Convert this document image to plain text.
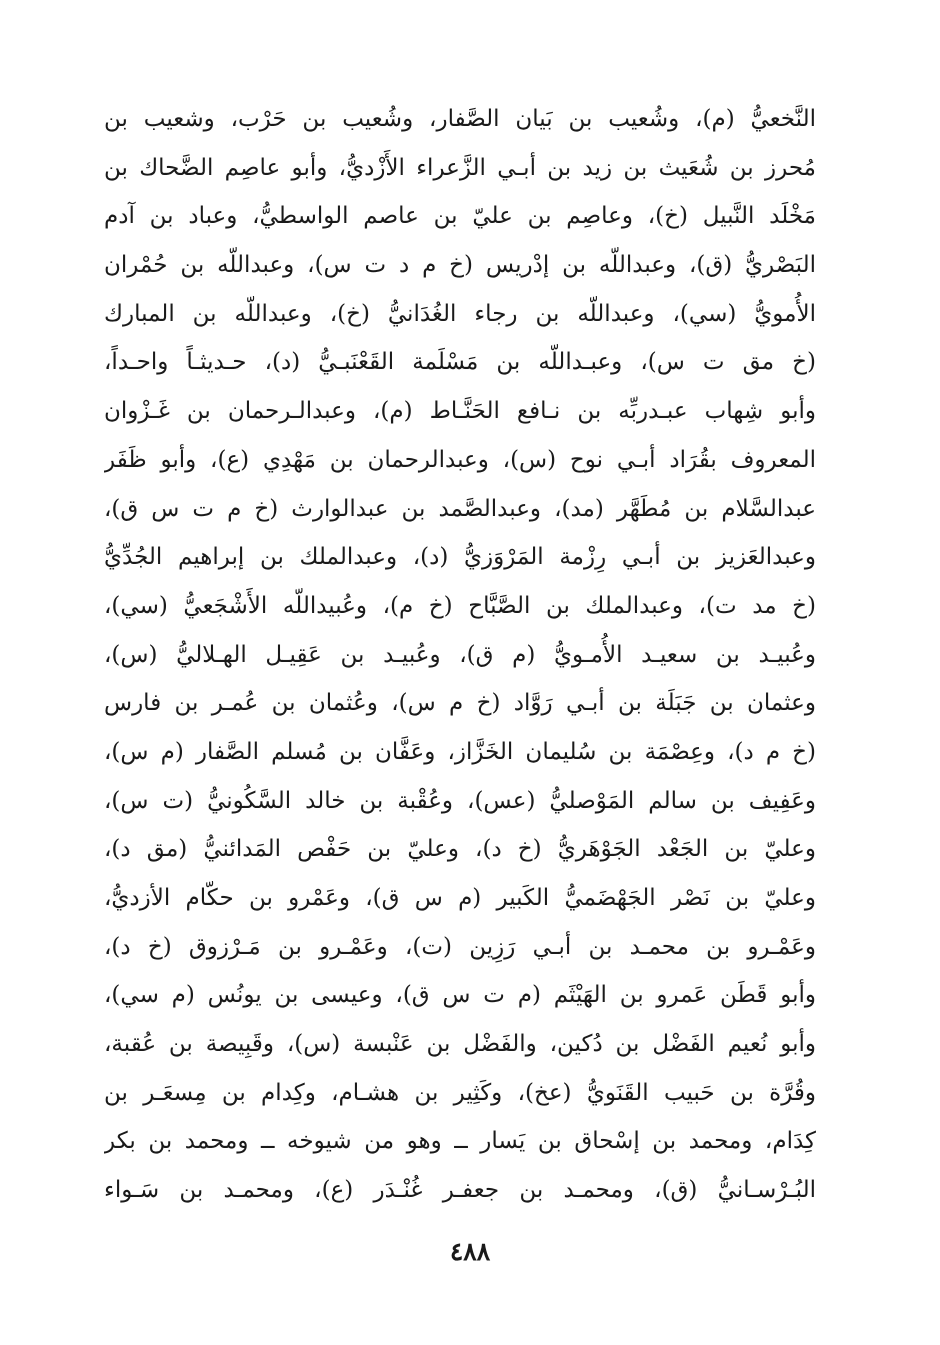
النَّخعيُّ (م)، وشُعيب بن بَيان الصَّفار، وشُعيب بن حَرْب، وشعيب بن
مُحرز بن شُعَيث بن زيد بن أبـي الزَّعراء الأَزْديُّ، وأبو عاصِم الضَّحاك بن
مَخْلَد النَّبيل (خ)، وعاصِم بن عليّ بن عاصم الواسطيُّ، وعباد بن آدم
البَصْريُّ (ق)، وعبداللّه بن إدْريس (خ م د ت س)، وعبداللّه بن حُمْران
الأُمويُّ (سي)، وعبداللّه بن رجاء الغُدَانيُّ (خ)، وعبداللّه بن المبارك
(خ مق ت س)، وعبـداللّه بن مَسْلَمة القَعْنَبـيُّ (د)، حـديثـاً واحـداً،
وأبو شِهاب عبـدربِّه بن نـافع الحَنَّـاط (م)، وعبدالـرحمان بن غَـزْوان
المعروف بقُرَاد أبـي نوح (س)، وعبدالرحمان بن مَهْدِي (ع)، وأبو ظَفَر
عبدالسَّلام بن مُطَهَّر (مد)، وعبدالصَّمد بن عبدالوارث (خ م ت س ق)،
وعبدالعَزيز بن أبـي رِزْمة المَرْوَزيُّ (د)، وعبدالملك بن إبراهيم الجُدِّيُّ
(خ مد ت)، وعبدالملك بن الصَّبَّاح (خ م)، وعُبيداللّه الأَشْجَعيُّ (سي)،
وعُبيـد بن سعيـد الأُمـويُّ (م ق)، وعُبيـد بن عَقِيـل الهـلاليُّ (س)،
وعثمان بن جَبَلَة بن أبـي رَوَّاد (خ م س)، وعُثمان بن عُمـر بن فارس
(خ م د)، وعِصْمَة بن سُليمان الخَزَّاز، وعَفَّان بن مُسلم الصَّفار (م س)،
وعَفِيف بن سالم المَوْصليُّ (عس)، وعُقْبة بن خالد السَّكُونيُّ (ت س)،
وعليّ بن الجَعْد الجَوْهَريُّ (خ د)، وعليّ بن حَفْص المَدائنيُّ (مق د)،
وعليّ بن نَصْر الجَهْضَميُّ الكَبير (م س ق)، وعَمْرو بن حكّام الأزديُّ،
وعَمْـرو بن محمـد بن أبـي رَزِين (ت)، وعَمْـرو بن مَـرْزوق (خ د)،
وأبو قَطَن عَمرو بن الهَيْثَم (م ت س ق)، وعيسى بن يونُس (م سي)،
وأبو نُعيم الفَضْل بن دُكين، والفَضْل بن عَنْبسة (س)، وقَبِيصة بن عُقبة،
وقُرَّة بن حَبيب القَنَويُّ (عخ)، وكَثِير بن هشـام، وكِدام بن مِسعَـر بن
كِدَام، ومحمد بن إسْحاق بن يَسار ــ وهو من شيوخه ــ ومحمد بن بكر
البُـرْسـانيُّ (ق)، ومحمـد بن جعفـر غُنْـدَر (ع)، ومحمـد بن سَـواء
٤٨٨
